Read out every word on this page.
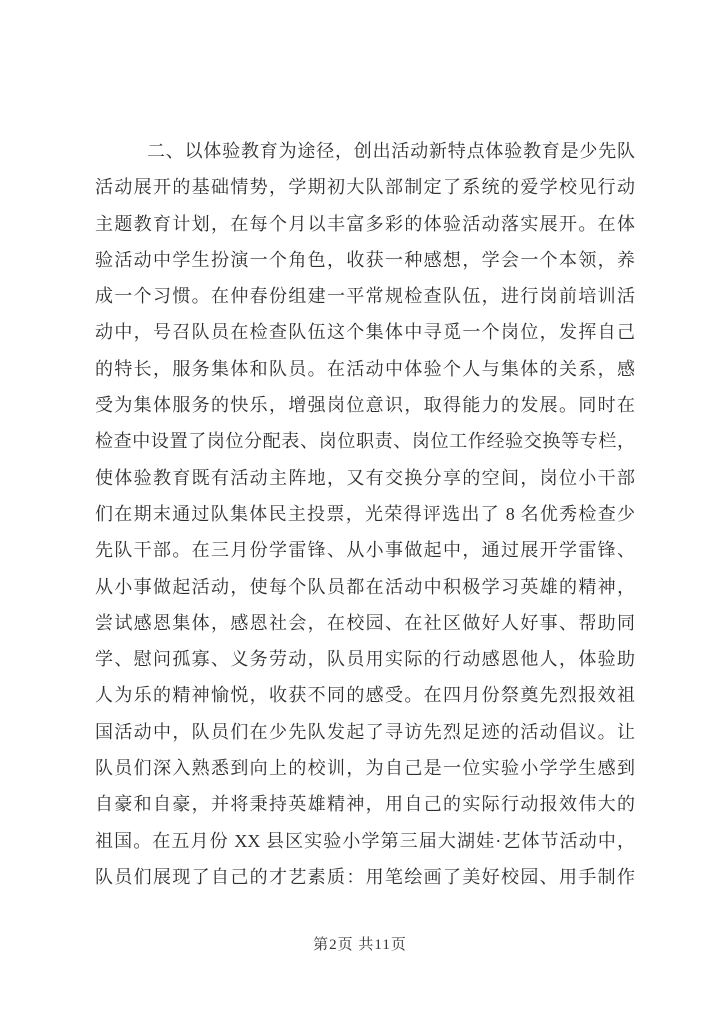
二、以体验教育为途径，创出活动新特点体验教育是少先队
活动展开的基础情势，学期初大队部制定了系统的爱学校见行动
主题教育计划，在每个月以丰富多彩的体验活动落实展开。在体
验活动中学生扮演一个角色，收获一种感想，学会一个本领，养
成一个习惯。在仲春份组建一平常规检查队伍，进行岗前培训活
动中，号召队员在检查队伍这个集体中寻觅一个岗位，发挥自己
的特长，服务集体和队员。在活动中体验个人与集体的关系，感
受为集体服务的快乐，增强岗位意识，取得能力的发展。同时在
检查中设置了岗位分配表、岗位职责、岗位工作经验交换等专栏，
使体验教育既有活动主阵地，又有交换分享的空间，岗位小干部
们在期末通过队集体民主投票，光荣得评选出了 8 名优秀检查少
先队干部。在三月份学雷锋、从小事做起中，通过展开学雷锋、
从小事做起活动，使每个队员都在活动中积极学习英雄的精神，
尝试感恩集体，感恩社会，在校园、在社区做好人好事、帮助同
学、慰问孤寡、义务劳动，队员用实际的行动感恩他人，体验助
人为乐的精神愉悦，收获不同的感受。在四月份祭奠先烈报效祖
国活动中，队员们在少先队发起了寻访先烈足迹的活动倡议。让
队员们深入熟悉到向上的校训，为自己是一位实验小学学生感到
自豪和自豪，并将秉持英雄精神，用自己的实际行动报效伟大的
祖国。在五月份 XX 县区实验小学第三届大湖娃·艺体节活动中，
队员们展现了自己的才艺素质：用笔绘画了美好校园、用手制作
第2页 共11页
